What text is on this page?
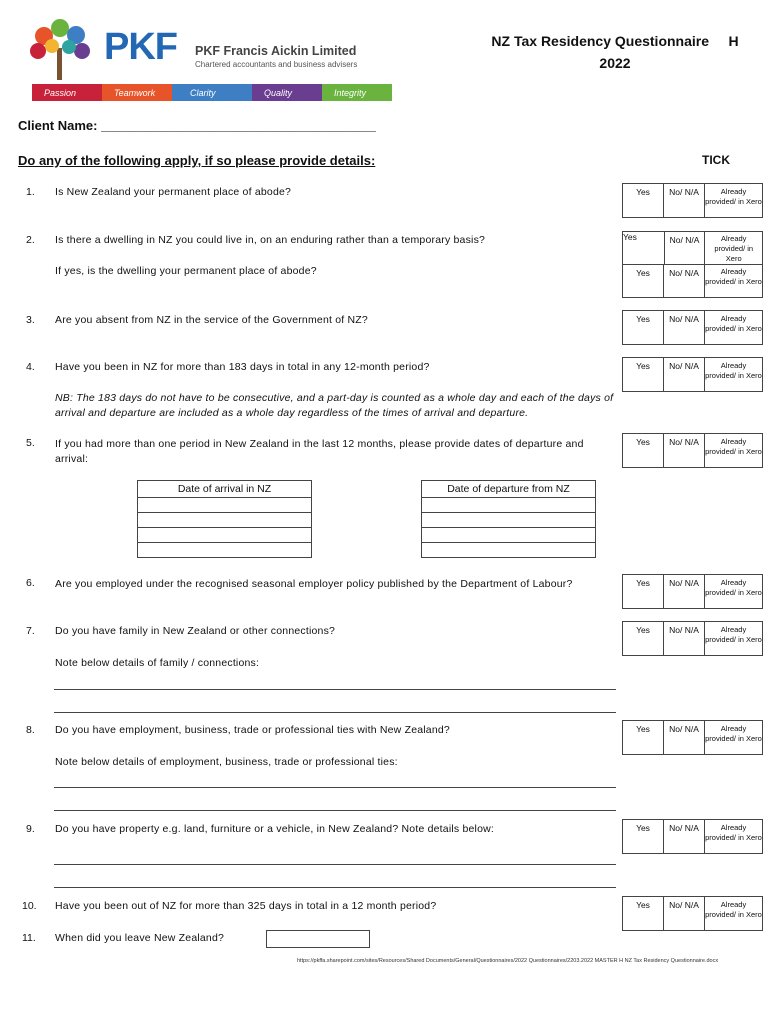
PKF PKF Francis Aickin Limited
Chartered accountants and business advisers
Passion	Teamwork	Clarity	Quality	Integrity
NZ Tax Residency Questionnaire     H
2022
Client Name: ______________________________________
Do any of the following apply, if so please provide details:	TICK
1. Is New Zealand your permanent place of abode?	Yes	No/ N/A	Already provided/ in Xero
2. Is there a dwelling in NZ you could live in, on an enduring rather than a temporary basis?
If yes, is the dwelling your permanent place of abode?
Yes	No/ N/A	Already provided/ in Xero
Yes	No/ N/A	Already provided/ in Xero
3. Are you absent from NZ in the service of the Government of NZ?	Yes	No/ N/A	Already provided/ in Xero
4. Have you been in NZ for more than 183 days in total in any 12-month period?	Yes	No/ N/A	Already provided/ in Xero
NB: The 183 days do not have to be consecutive, and a part-day is counted as a whole day and each of the days of arrival and departure are included as a whole day regardless of the times of arrival and departure.
5. If you had more than one period in New Zealand in the last 12 months, please provide dates of departure and arrival:
Yes	No/ N/A	Already provided/ in Xero
Date of arrival in NZ	Date of departure from NZ

6. Are you employed under the recognised seasonal employer policy published by the Department of Labour?	Yes	No/ N/A	Already provided/ in Xero
7. Do you have family in New Zealand or other connections?	Yes	No/ N/A	Already provided/ in Xero
Note below details of family / connections:
8. Do you have employment, business, trade or professional ties with New Zealand?	Yes	No/ N/A	Already provided/ in Xero
Note below details of employment, business, trade or professional ties:
9. Do you have property e.g. land, furniture or a vehicle, in New Zealand? Note details below:	Yes	No/ N/A	Already provided/ in Xero
10. Have you been out of NZ for more than 325 days in total in a 12 month period?	Yes	No/ N/A	Already provided/ in Xero
11. When did you leave New Zealand?
https://pkffa.sharepoint.com/sites/Resources/Shared Documents/General/Questionnaires/2022 Questionnaires/2203.2022 MASTER H NZ Tax Residency Questionnaire.docx
